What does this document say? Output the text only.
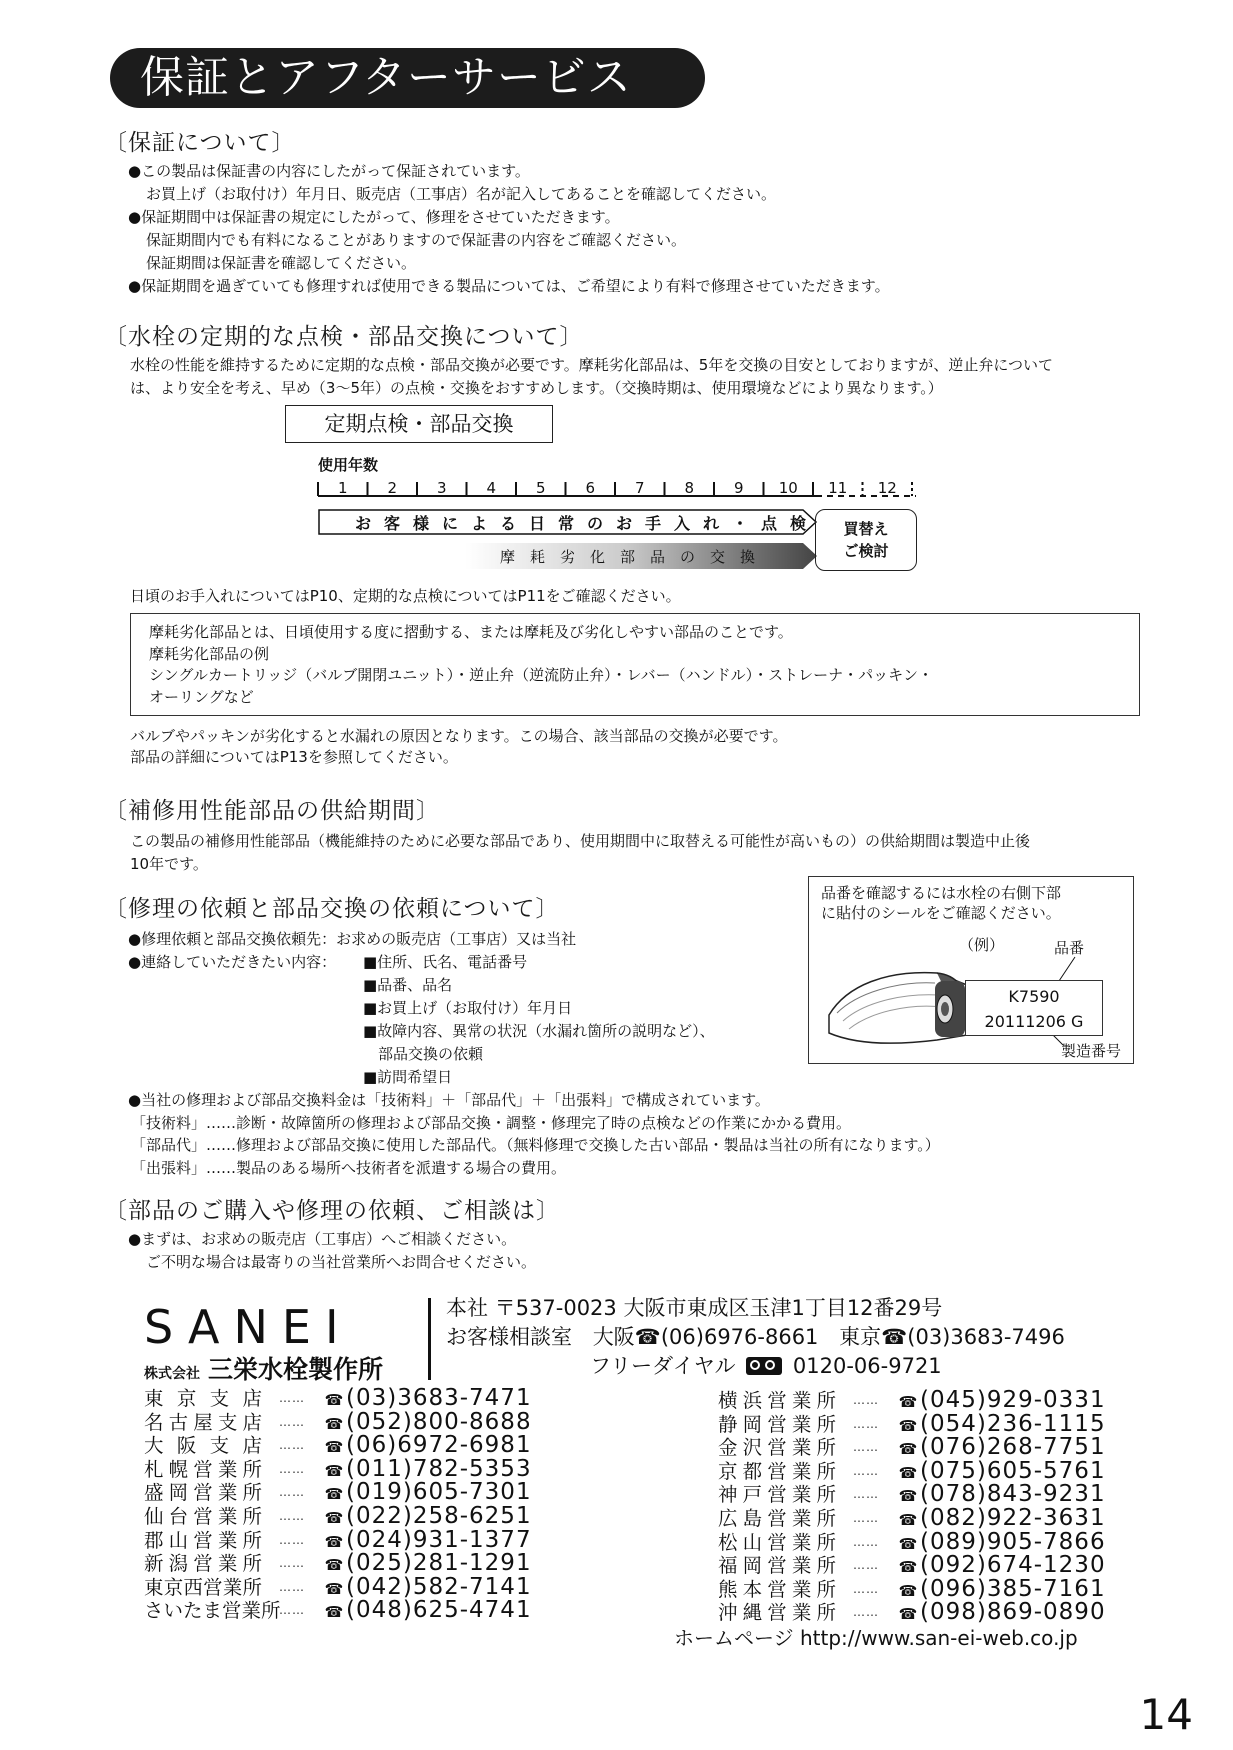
保証とアフターサービス
〔保証について〕
●この製品は保証書の内容にしたがって保証されています。
お買上げ（お取付け）年月日、販売店（工事店）名が記入してあることを確認してください。
●保証期間中は保証書の規定にしたがって、修理をさせていただきます。
保証期間内でも有料になることがありますので保証書の内容をご確認ください。
保証期間は保証書を確認してください。
●保証期間を過ぎていても修理すれば使用できる製品については、ご希望により有料で修理させていただきます。
〔水栓の定期的な点検・部品交換について〕
水栓の性能を維持するために定期的な点検・部品交換が必要です。摩耗劣化部品は、5年を交換の目安としておりますが、逆止弁について
は、より安全を考え、早め（3〜5年）の点検・交換をおすすめします。（交換時期は、使用環境などにより異なります。）
定期点検・部品交換
使用年数
1	2	3	4	5	6	7	8	9 10 11 12
お客様による日常のお手入れ・点検
摩耗劣化部品の交換
買替え
ご検討
日頃のお手入れについてはP10、定期的な点検についてはP11をご確認ください。
摩耗劣化部品とは、日頃使用する度に摺動する、または摩耗及び劣化しやすい部品のことです。
摩耗劣化部品の例
シングルカートリッジ（バルブ開閉ユニット）・逆止弁（逆流防止弁）・レバー（ハンドル）・ストレーナ・パッキン・
オーリングなど
バルブやパッキンが劣化すると水漏れの原因となります。この場合、該当部品の交換が必要です。
部品の詳細についてはP13を参照してください。
〔補修用性能部品の供給期間〕
この製品の補修用性能部品（機能維持のために必要な部品であり、使用期間中に取替える可能性が高いもの）の供給期間は製造中止後
10年です。
〔修理の依頼と部品交換の依頼について〕
●修理依頼と部品交換依頼先：お求めの販売店（工事店）又は当社
●連絡していただきたい内容： ■住所、氏名、電話番号
■品番、品名
■お買上げ（お取付け）年月日
■故障内容、異常の状況（水漏れ箇所の説明など）、
　部品交換の依頼
■訪問希望日
●当社の修理および部品交換料金は「技術料」＋「部品代」＋「出張料」で構成されています。
「技術料」……診断・故障箇所の修理および部品交換・調整・修理完了時の点検などの作業にかかる費用。
「部品代」……修理および部品交換に使用した部品代。（無料修理で交換した古い部品・製品は当社の所有になります。）
「出張料」……製品のある場所へ技術者を派遣する場合の費用。
品番を確認するには水栓の右側下部
に貼付のシールをご確認ください。
（例）	品番
K7590
20111206 G
製造番号
〔部品のご購入や修理の依頼、ご相談は〕
●まずは、お求めの販売店（工事店）へご相談ください。
ご不明な場合は最寄りの当社営業所へお問合せください。
SANEI
株式会社 三栄水栓製作所
本社 〒537-0023 大阪市東成区玉津1丁目12番29号
お客様相談室 大阪☎(06)6976-8661 東京☎(03)3683-7496
フリーダイヤル	0120-06-9721
東京支店 …… ☎ (03)3683-7471
名古屋支店 …… ☎ (052)800-8688
大阪支店 …… ☎ (06)6972-6981
札幌営業所 …… ☎ (011)782-5353
盛岡営業所 …… ☎ (019)605-7301
仙台営業所 …… ☎ (022)258-6251
郡山営業所 …… ☎ (024)931-1377
新潟営業所 …… ☎ (025)281-1291
東京西営業所 …… ☎ (042)582-7141
さいたま営業所…… ☎ (048)625-4741
横浜営業所 …… ☎ (045)929-0331
静岡営業所 …… ☎ (054)236-1115
金沢営業所 …… ☎ (076)268-7751
京都営業所 …… ☎ (075)605-5761
神戸営業所 …… ☎ (078)843-9231
広島営業所 …… ☎ (082)922-3631
松山営業所 …… ☎ (089)905-7866
福岡営業所 …… ☎ (092)674-1230
熊本営業所 …… ☎ (096)385-7161
沖縄営業所 …… ☎ (098)869-0890
ホームページ http://www.san-ei-web.co.jp
14
